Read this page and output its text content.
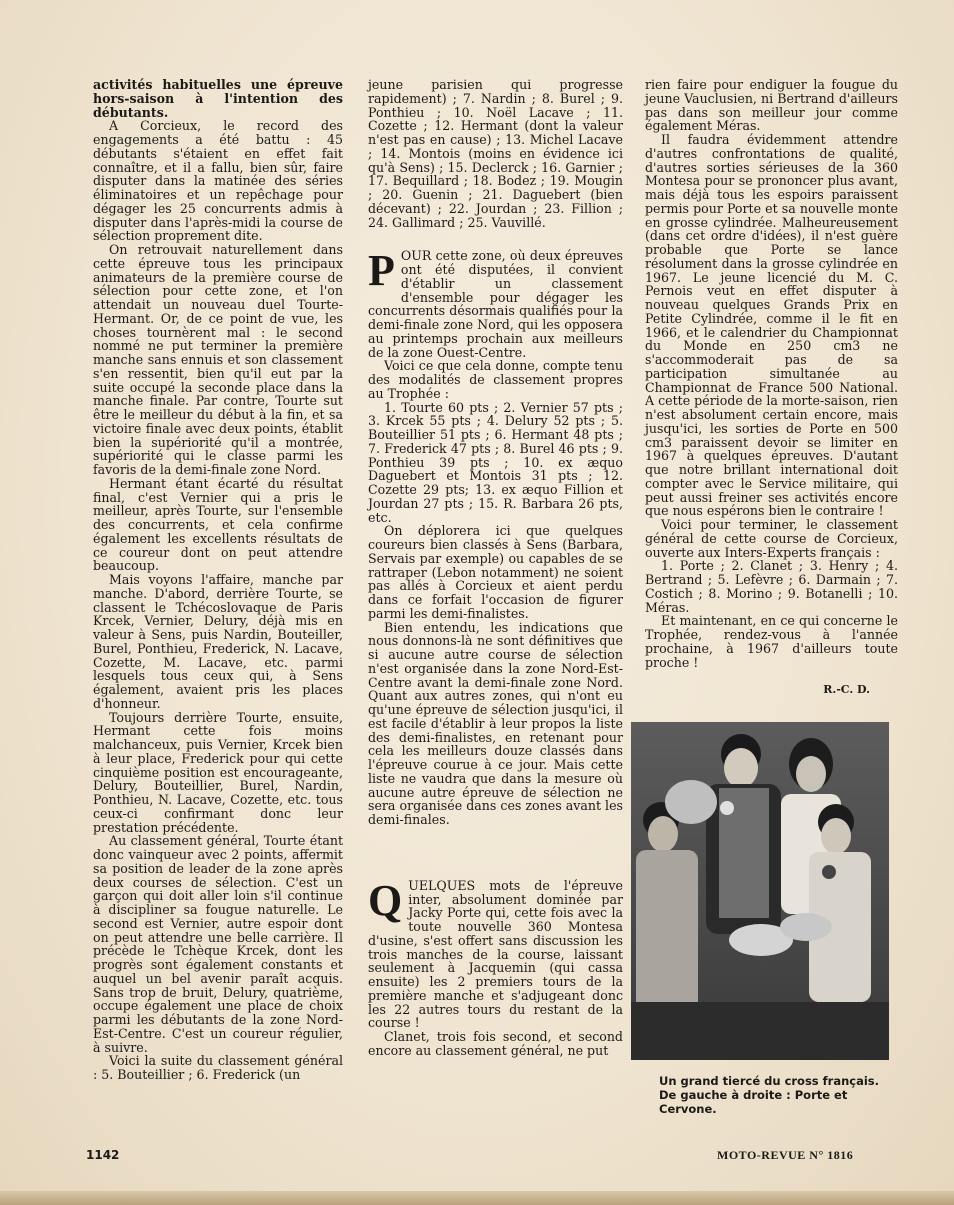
activités habituelles une épreuve hors-saison à l'intention des débutants.

A Corcieux, le record des engagements a été battu : 45 débutants s'étaient en effet fait connaître, et il a fallu, bien sûr, faire disputer dans la matinée des séries éliminatoires et un repêchage pour dégager les 25 concurrents admis à disputer dans l'après-midi la course de sélection proprement dite.

On retrouvait naturellement dans cette épreuve tous les principaux animateurs de la première course de sélection pour cette zone, et l'on attendait un nouveau duel Tourte-Hermant. Or, de ce point de vue, les choses tournèrent mal : le second nommé ne put terminer la première manche sans ennuis et son classement s'en ressentit, bien qu'il eut par la suite occupé la seconde place dans la manche finale. Par contre, Tourte sut être le meilleur du début à la fin, et sa victoire finale avec deux points, établit bien la supériorité qu'il a montrée, supériorité qui le classe parmi les favoris de la demi-finale zone Nord.

Hermant étant écarté du résultat final, c'est Vernier qui a pris le meilleur, après Tourte, sur l'ensemble des concurrents, et cela confirme également les excellents résultats de ce coureur dont on peut attendre beaucoup.

Mais voyons l'affaire, manche par manche. D'abord, derrière Tourte, se classent le Tchécoslovaque de Paris Krcek, Vernier, Delury, déjà mis en valeur à Sens, puis Nardin, Bouteiller, Burel, Ponthieu, Frederick, N. Lacave, Cozette, M. Lacave, etc. parmi lesquels tous ceux qui, à Sens également, avaient pris les places d'honneur.

Toujours derrière Tourte, ensuite, Hermant cette fois moins malchanceux, puis Vernier, Krcek bien à leur place, Frederick pour qui cette cinquième position est encourageante, Delury, Bouteillier, Burel, Nardin, Ponthieu, N. Lacave, Cozette, etc. tous ceux-ci confirmant donc leur prestation précédente.

Au classement général, Tourte étant donc vainqueur avec 2 points, affermit sa position de leader de la zone après deux courses de sélection. C'est un garçon qui doit aller loin s'il continue à discipliner sa fougue naturelle. Le second est Vernier, autre espoir dont on peut attendre une belle carrière. Il précède le Tchèque Krcek, dont les progrès sont également constants et auquel un bel avenir paraît acquis. Sans trop de bruit, Delury, quatrième, occupe également une place de choix parmi les débutants de la zone Nord-Est-Centre. C'est un coureur régulier, à suivre.

Voici la suite du classement général : 5. Bouteillier ; 6. Frederick (un

jeune parisien qui progresse rapidement) ; 7. Nardin ; 8. Burel ; 9. Ponthieu ; 10. Noël Lacave ; 11. Cozette ; 12. Hermant (dont la valeur n'est pas en cause) ; 13. Michel Lacave ; 14. Montois (moins en évidence ici qu'à Sens) ; 15. Declerck ; 16. Garnier ; 17. Bequillard ; 18. Bodez ; 19. Mougin ; 20. Guenin ; 21. Daguebert (bien décevant) ; 22. Jourdan ; 23. Fillion ; 24. Gallimard ; 25. Vauvillé.

POUR cette zone, où deux épreuves ont été disputées, il convient d'établir un classement d'ensemble pour dégager les concurrents désormais qualifiés pour la demi-finale zone Nord, qui les opposera au printemps prochain aux meilleurs de la zone Ouest-Centre.

Voici ce que cela donne, compte tenu des modalités de classement propres au Trophée :

1. Tourte 60 pts ; 2. Vernier 57 pts ; 3. Krcek 55 pts ; 4. Delury 52 pts ; 5. Bouteillier 51 pts ; 6. Hermant 48 pts ; 7. Frederick 47 pts ; 8. Burel 46 pts ; 9. Ponthieu 39 pts ; 10. ex æquo Daguebert et Montois 31 pts ; 12. Cozette 29 pts; 13. ex æquo Fillion et Jourdan 27 pts ; 15. R. Barbara 26 pts, etc.

On déplorera ici que quelques coureurs bien classés à Sens (Barbara, Servais par exemple) ou capables de se rattraper (Lebon notamment) ne soient pas allés à Corcieux et aient perdu dans ce forfait l'occasion de figurer parmi les demi-finalistes.

Bien entendu, les indications que nous donnons-là ne sont définitives que si aucune autre course de sélection n'est organisée dans la zone Nord-Est-Centre avant la demi-finale zone Nord. Quant aux autres zones, qui n'ont eu qu'une épreuve de sélection jusqu'ici, il est facile d'établir à leur propos la liste des demi-finalistes, en retenant pour cela les meilleurs douze classés dans l'épreuve courue à ce jour. Mais cette liste ne vaudra que dans la mesure où aucune autre épreuve de sélection ne sera organisée dans ces zones avant les demi-finales.

QUELQUES mots de l'épreuve inter, absolument dominée par Jacky Porte qui, cette fois avec la toute nouvelle 360 Montesa d'usine, s'est offert sans discussion les trois manches de la course, laissant seulement à Jacquemin (qui cassa ensuite) les 2 premiers tours de la première manche et s'adjugeant donc les 22 autres tours du restant de la course !

Clanet, trois fois second, et second encore au classement général, ne put

rien faire pour endiguer la fougue du jeune Vauclusien, ni Bertrand d'ailleurs pas dans son meilleur jour comme également Méras.

Il faudra évidemment attendre d'autres confrontations de qualité, d'autres sorties sérieuses de la 360 Montesa pour se prononcer plus avant, mais déjà tous les espoirs paraissent permis pour Porte et sa nouvelle monte en grosse cylindrée. Malheureusement (dans cet ordre d'idées), il n'est guère probable que Porte se lance résolument dans la grosse cylindrée en 1967. Le jeune licencié du M. C. Pernois veut en effet disputer à nouveau quelques Grands Prix en Petite Cylindrée, comme il le fit en 1966, et le calendrier du Championnat du Monde en 250 cm3 ne s'accommoderait pas de sa participation simultanée au Championnat de France 500 National. A cette période de la morte-saison, rien n'est absolument certain encore, mais jusqu'ici, les sorties de Porte en 500 cm3 paraissent devoir se limiter en 1967 à quelques épreuves. D'autant que notre brillant international doit compter avec le Service militaire, qui peut aussi freiner ses activités encore que nous espérons bien le contraire !

Voici pour terminer, le classement général de cette course de Corcieux, ouverte aux Inters-Experts français :

1. Porte ; 2. Clanet ; 3. Henry ; 4. Bertrand ; 5. Lefèvre ; 6. Darmain ; 7. Costich ; 8. Morino ; 9. Botanelli ; 10. Méras.

Et maintenant, en ce qui concerne le Trophée, rendez-vous à l'année prochaine, à 1967 d'ailleurs toute proche !

R.-C. D.
Un grand tiercé du cross français.
De gauche à droite : Porte et Cervone.
1142	MOTO-REVUE N° 1816
